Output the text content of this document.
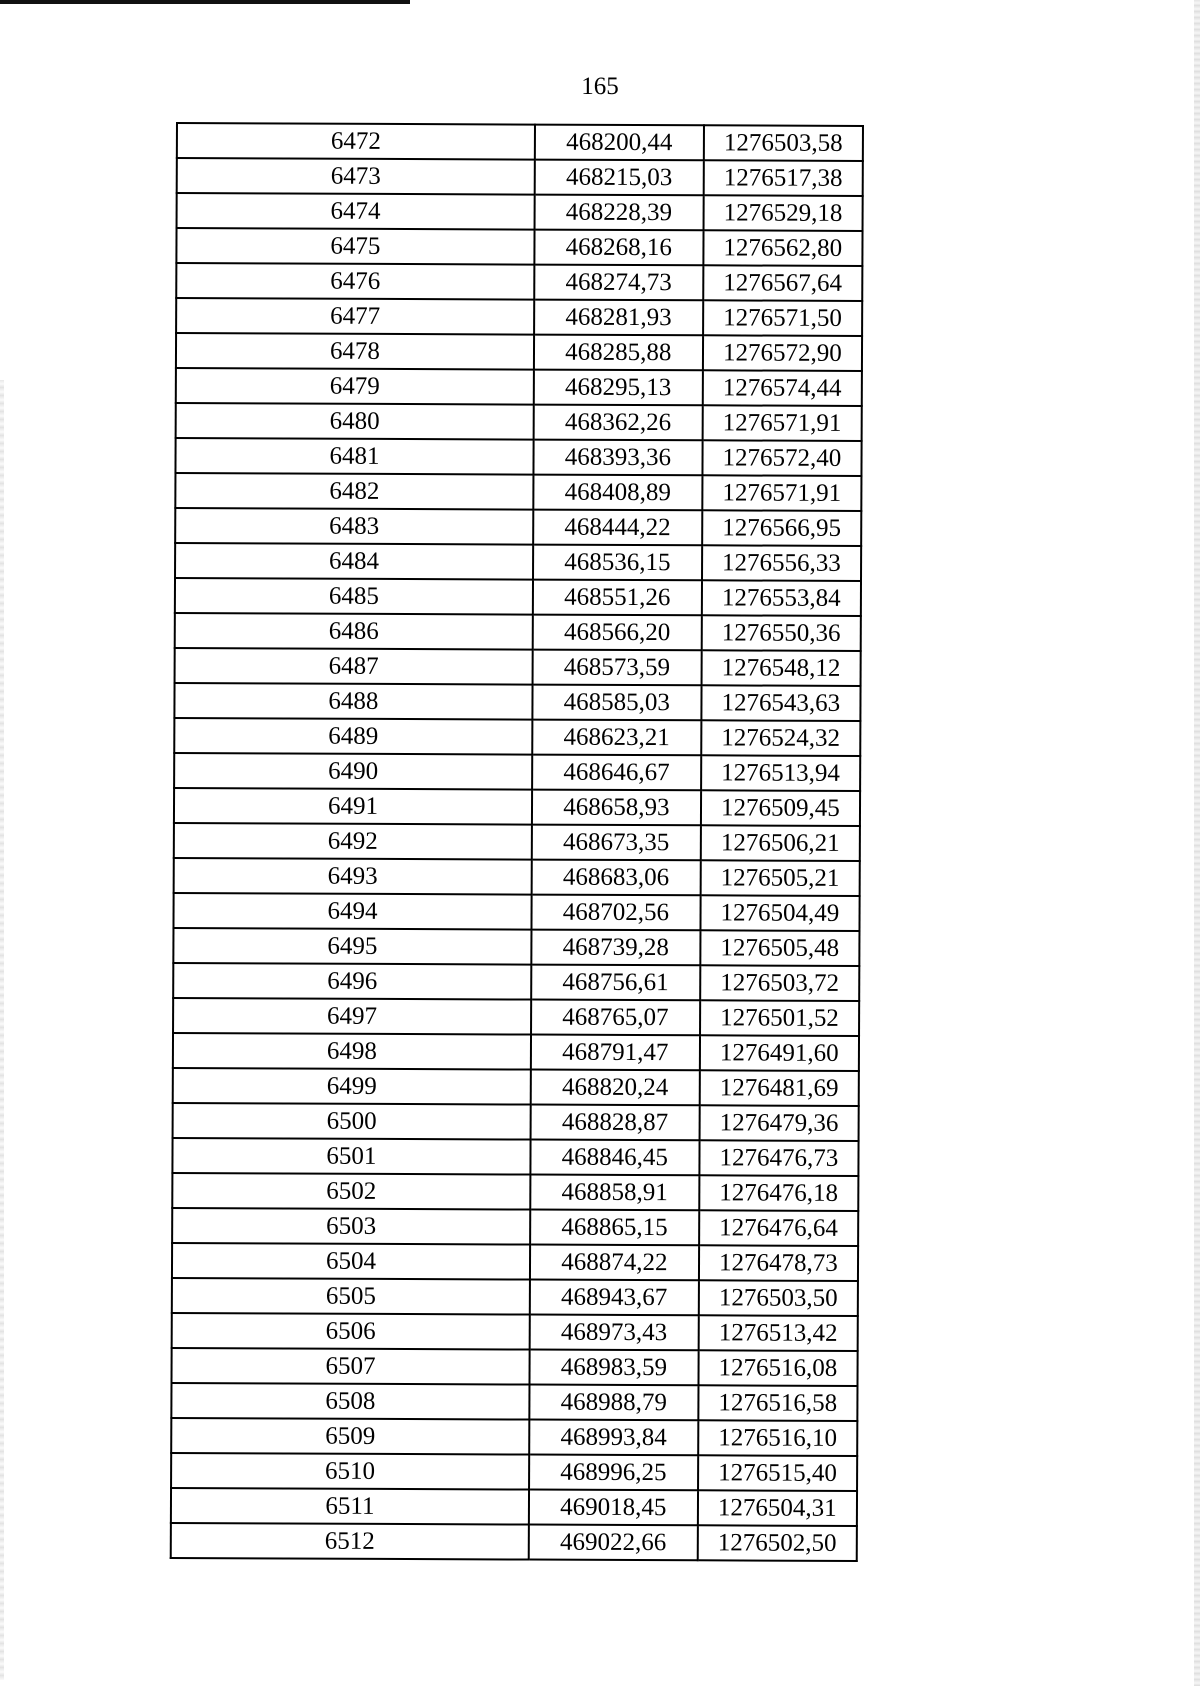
165
6472	468200,44	1276503,58
6473	468215,03	1276517,38
6474	468228,39	1276529,18
6475	468268,16	1276562,80
6476	468274,73	1276567,64
6477	468281,93	1276571,50
6478	468285,88	1276572,90
6479	468295,13	1276574,44
6480	468362,26	1276571,91
6481	468393,36	1276572,40
6482	468408,89	1276571,91
6483	468444,22	1276566,95
6484	468536,15	1276556,33
6485	468551,26	1276553,84
6486	468566,20	1276550,36
6487	468573,59	1276548,12
6488	468585,03	1276543,63
6489	468623,21	1276524,32
6490	468646,67	1276513,94
6491	468658,93	1276509,45
6492	468673,35	1276506,21
6493	468683,06	1276505,21
6494	468702,56	1276504,49
6495	468739,28	1276505,48
6496	468756,61	1276503,72
6497	468765,07	1276501,52
6498	468791,47	1276491,60
6499	468820,24	1276481,69
6500	468828,87	1276479,36
6501	468846,45	1276476,73
6502	468858,91	1276476,18
6503	468865,15	1276476,64
6504	468874,22	1276478,73
6505	468943,67	1276503,50
6506	468973,43	1276513,42
6507	468983,59	1276516,08
6508	468988,79	1276516,58
6509	468993,84	1276516,10
6510	468996,25	1276515,40
6511	469018,45	1276504,31
6512	469022,66	1276502,50
